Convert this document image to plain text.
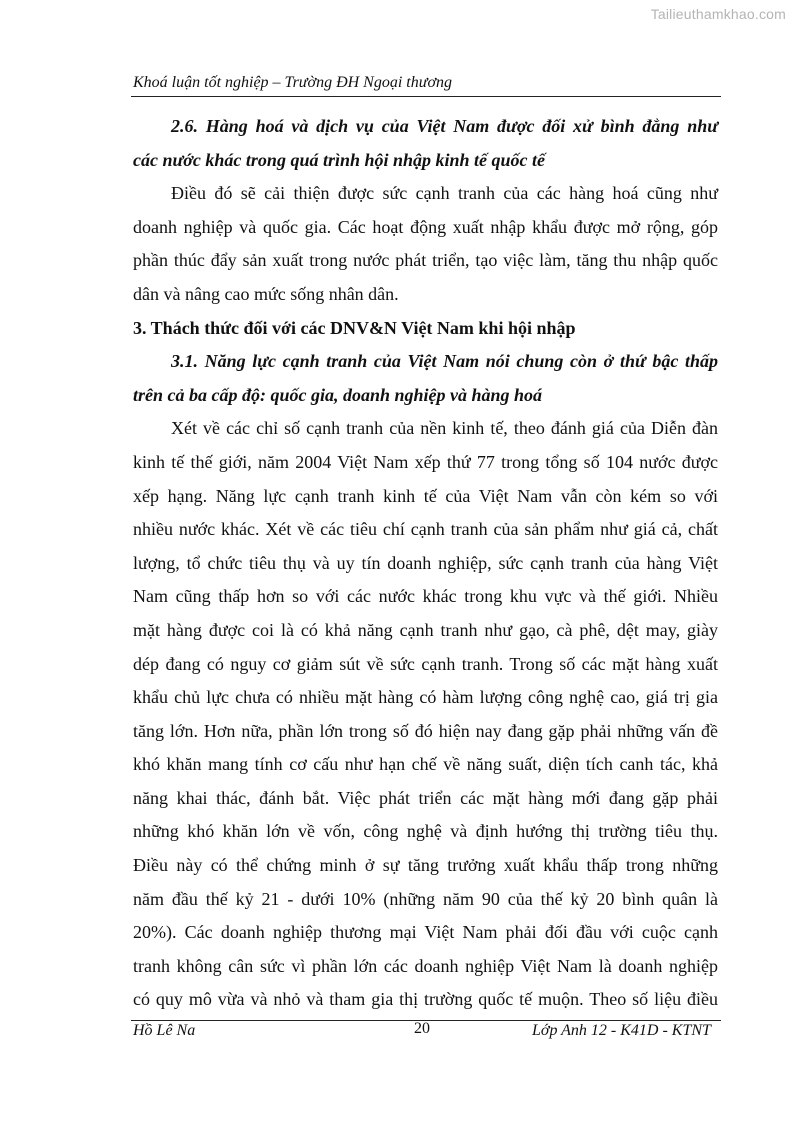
Tailieuthamkhao.com
Khoá luận tốt nghiệp – Trường ĐH Ngoại thương

2.6. Hàng hoá và dịch vụ của Việt Nam được đối xử bình đẳng như
các nước khác trong quá trình hội nhập kinh tế quốc tế

Điều đó sẽ cải thiện được sức cạnh tranh của các hàng hoá cũng như
doanh nghiệp và quốc gia. Các hoạt động xuất nhập khẩu được mở rộng, góp
phần thúc đẩy sản xuất trong nước phát triển, tạo việc làm, tăng thu nhập quốc
dân và nâng cao mức sống nhân dân.

3. Thách thức đối với các DNV&N Việt Nam khi hội nhập

3.1. Năng lực cạnh tranh của Việt Nam nói chung còn ở thứ bậc thấp
trên cả ba cấp độ: quốc gia, doanh nghiệp và hàng hoá

Xét về các chỉ số cạnh tranh của nền kinh tế, theo đánh giá của Diễn đàn
kinh tế thế giới, năm 2004 Việt Nam xếp thứ 77 trong tổng số 104 nước được
xếp hạng. Năng lực cạnh tranh kinh tế của Việt Nam vẫn còn kém so với
nhiều nước khác. Xét về các tiêu chí cạnh tranh của sản phẩm như giá cả, chất
lượng, tổ chức tiêu thụ và uy tín doanh nghiệp, sức cạnh tranh của hàng Việt
Nam cũng thấp hơn so với các nước khác trong khu vực và thế giới. Nhiều
mặt hàng được coi là có khả năng cạnh tranh như gạo, cà phê, dệt may, giày
dép đang có nguy cơ giảm sút về sức cạnh tranh. Trong số các mặt hàng xuất
khẩu chủ lực chưa có nhiều mặt hàng có hàm lượng công nghệ cao, giá trị gia
tăng lớn. Hơn nữa, phần lớn trong số đó hiện nay đang gặp phải những vấn đề
khó khăn mang tính cơ cấu như hạn chế về năng suất, diện tích canh tác, khả
năng khai thác, đánh bắt. Việc phát triển các mặt hàng mới đang gặp phải
những khó khăn lớn về vốn, công nghệ và định hướng thị trường tiêu thụ.
Điều này có thể chứng minh ở sự tăng trưởng xuất khẩu thấp trong những
năm đầu thế kỷ 21 - dưới 10% (những năm 90 của thế kỷ 20 bình quân là
20%). Các doanh nghiệp thương mại Việt Nam phải đối đầu với cuộc cạnh
tranh không cân sức vì phần lớn các doanh nghiệp Việt Nam là doanh nghiệp
có quy mô vừa và nhỏ và tham gia thị trường quốc tế muộn. Theo số liệu điều

Hồ Lê Na	20	Lớp Anh 12 - K41D - KTNT
